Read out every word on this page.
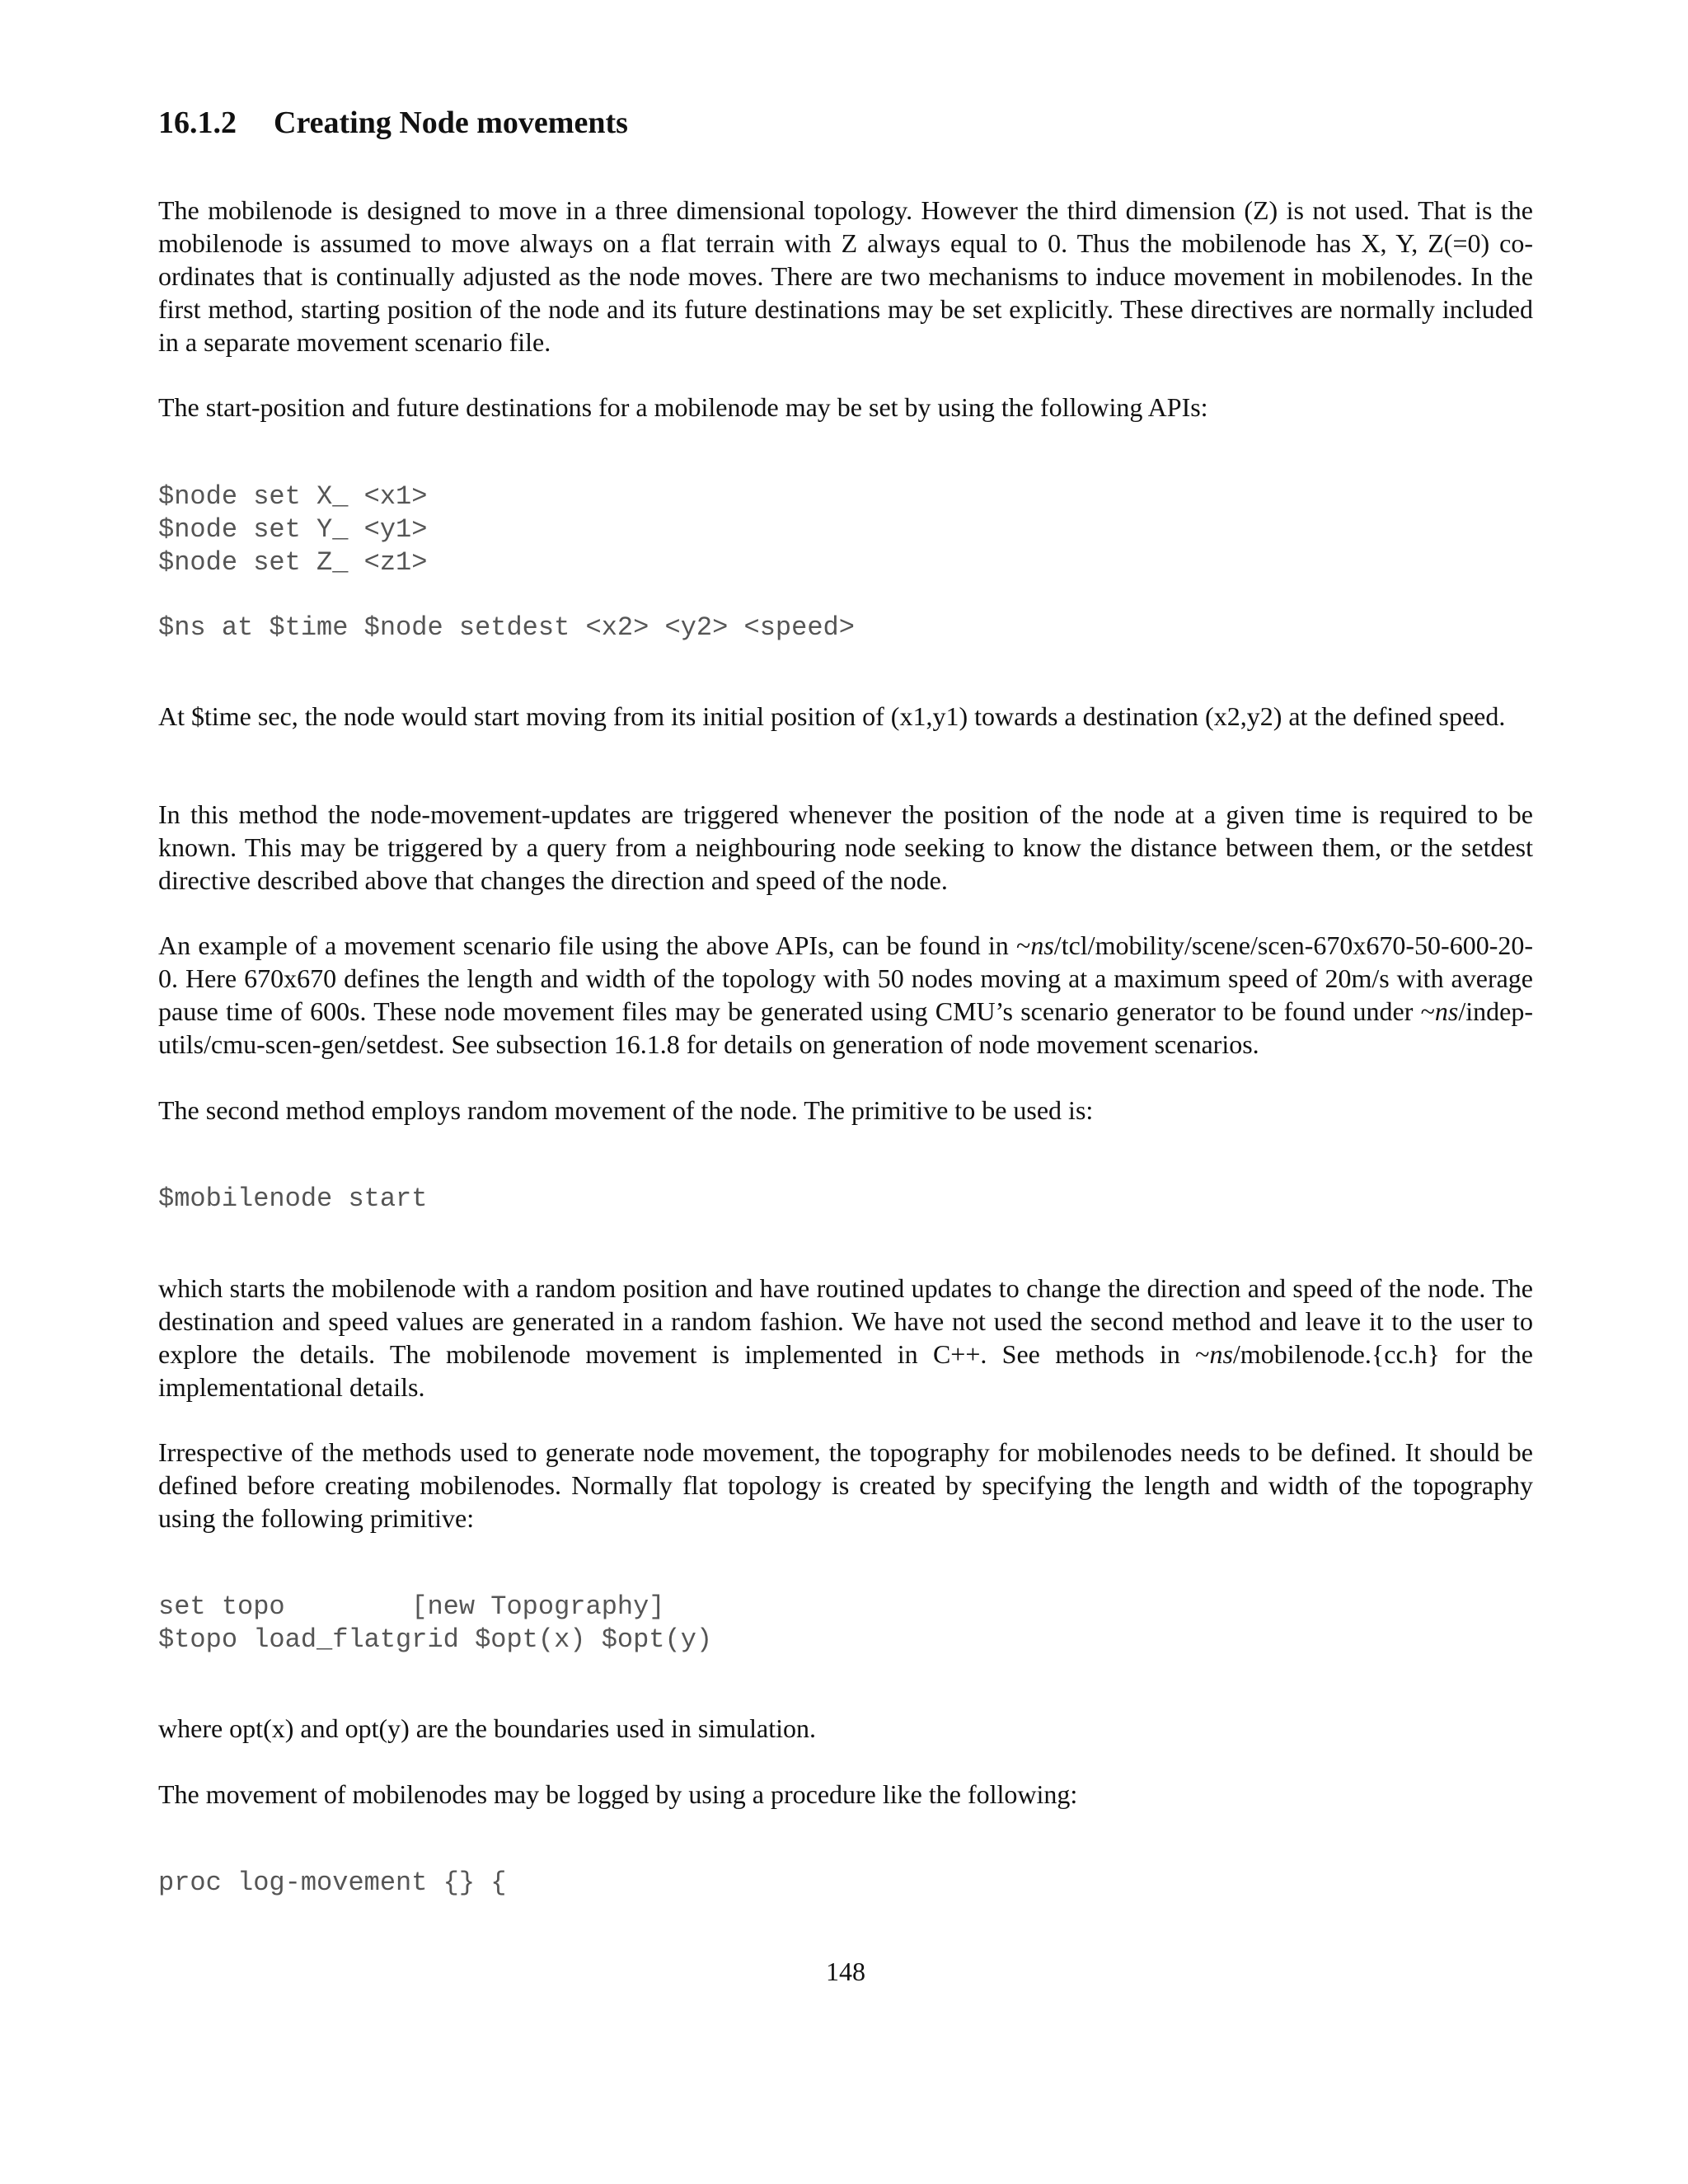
16.1.2 Creating Node movements

The mobilenode is designed to move in a three dimensional topology. However the third dimension (Z) is not used. That is the mobilenode is assumed to move always on a flat terrain with Z always equal to 0. Thus the mobilenode has X, Y, Z(=0) co-ordinates that is continually adjusted as the node moves. There are two mechanisms to induce movement in mobilenodes. In the first method, starting position of the node and its future destinations may be set explicitly. These directives are normally included in a separate movement scenario file.

The start-position and future destinations for a mobilenode may be set by using the following APIs:

$node set X_ <x1>
$node set Y_ <y1>
$node set Z_ <z1>
$ns at $time $node setdest <x2> <y2> <speed>

At $time sec, the node would start moving from its initial position of (x1,y1) towards a destination (x2,y2) at the defined speed.

In this method the node-movement-updates are triggered whenever the position of the node at a given time is required to be known. This may be triggered by a query from a neighbouring node seeking to know the distance between them, or the setdest directive described above that changes the direction and speed of the node.

An example of a movement scenario file using the above APIs, can be found in ~ns/tcl/mobility/scene/scen-670x670-50-600-20-0. Here 670x670 defines the length and width of the topology with 50 nodes moving at a maximum speed of 20m/s with average pause time of 600s. These node movement files may be generated using CMU’s scenario generator to be found under ~ns/indep-utils/cmu-scen-gen/setdest. See subsection 16.1.8 for details on generation of node movement scenarios.

The second method employs random movement of the node. The primitive to be used is:

$mobilenode start

which starts the mobilenode with a random position and have routined updates to change the direction and speed of the node. The destination and speed values are generated in a random fashion. We have not used the second method and leave it to the user to explore the details. The mobilenode movement is implemented in C++. See methods in ~ns/mobilenode.{cc.h} for the implementational details.

Irrespective of the methods used to generate node movement, the topography for mobilenodes needs to be defined. It should be defined before creating mobilenodes. Normally flat topology is created by specifying the length and width of the topography using the following primitive:

set topo        [new Topography]
$topo load_flatgrid $opt(x) $opt(y)

where opt(x) and opt(y) are the boundaries used in simulation.

The movement of mobilenodes may be logged by using a procedure like the following:

proc log-movement {} {
148
